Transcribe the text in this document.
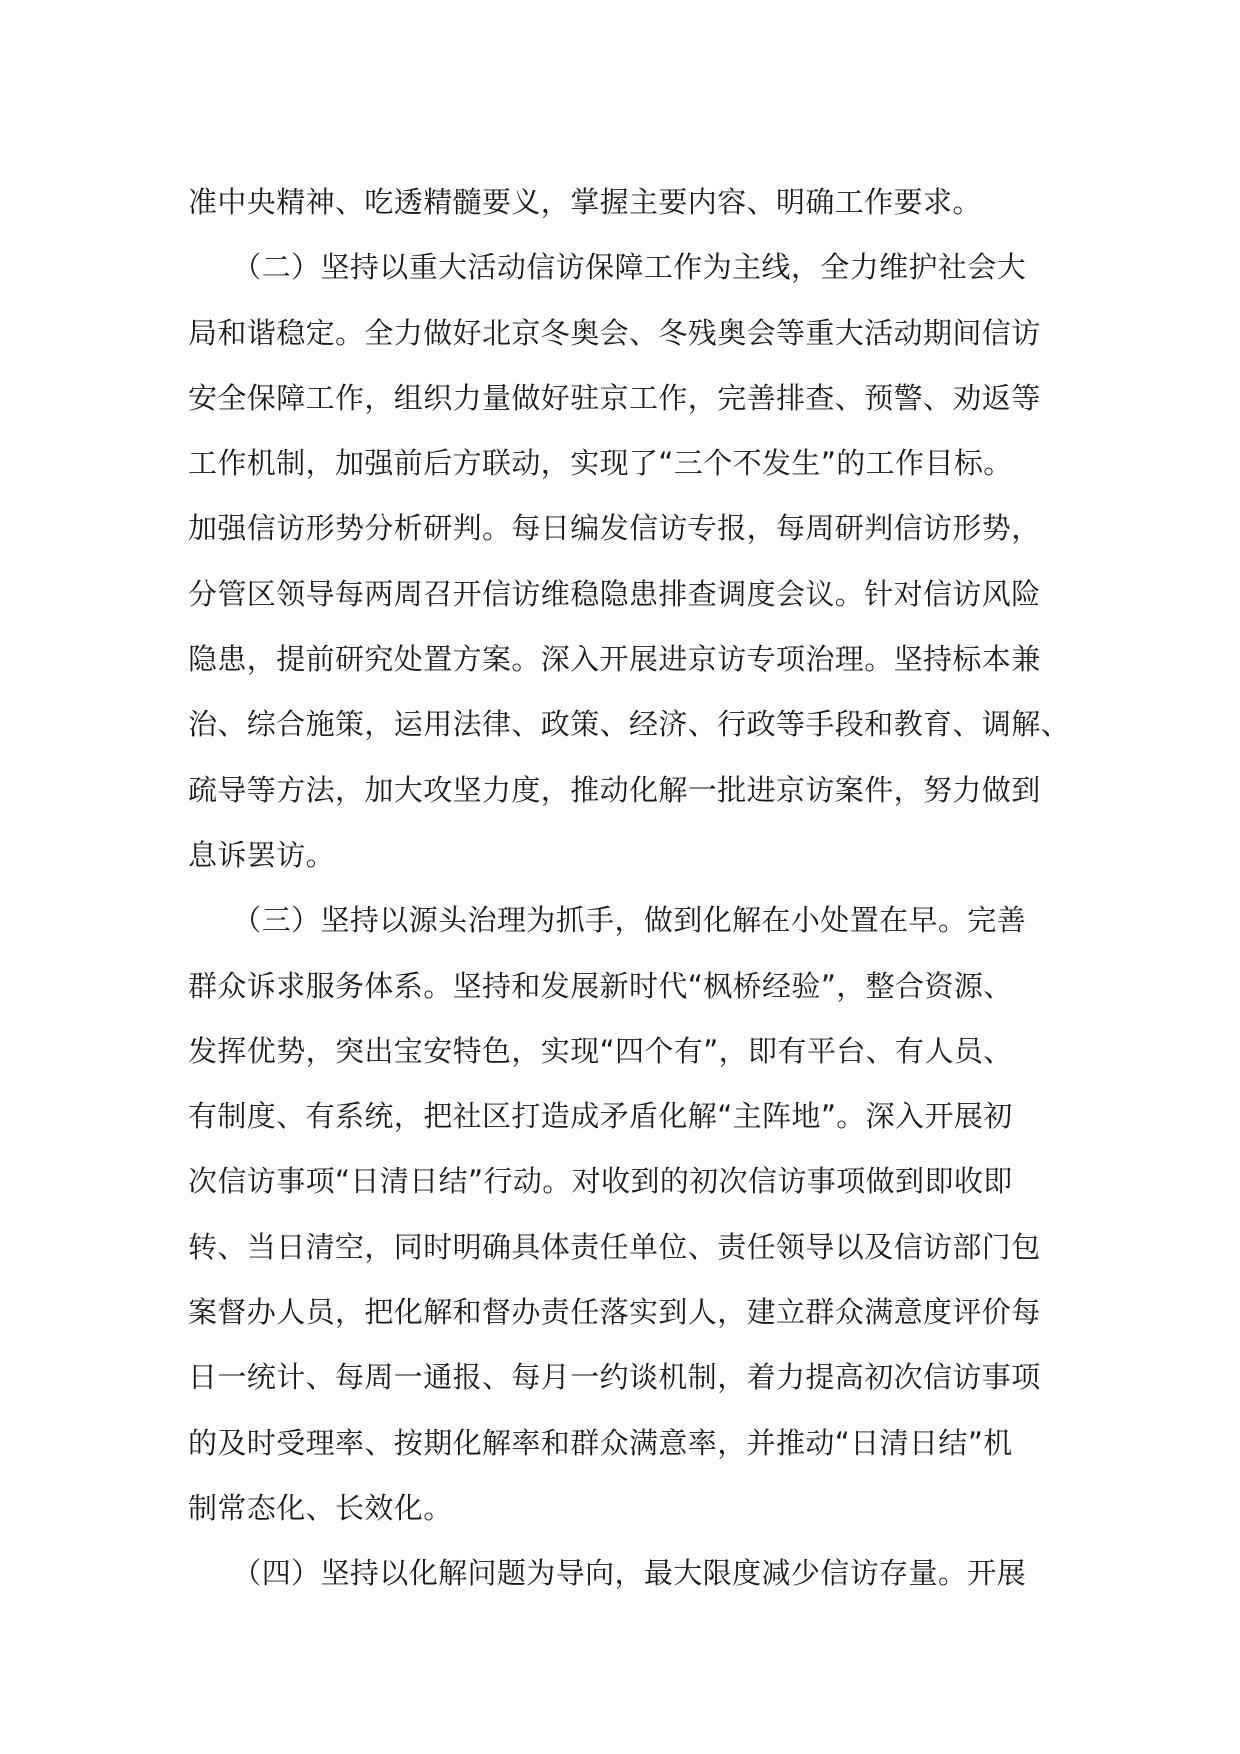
准中央精神、吃透精髓要义，掌握主要内容、明确工作要求。

　　（二）坚持以重大活动信访保障工作为主线，全力维护社会大

局和谐稳定。全力做好北京冬奥会、冬残奥会等重大活动期间信访

安全保障工作，组织力量做好驻京工作，完善排查、预警、劝返等

工作机制，加强前后方联动，实现了“三个不发生”的工作目标。

加强信访形势分析研判。每日编发信访专报，每周研判信访形势，

分管区领导每两周召开信访维稳隐患排查调度会议。针对信访风险

隐患，提前研究处置方案。深入开展进京访专项治理。坚持标本兼

治、综合施策，运用法律、政策、经济、行政等手段和教育、调解、

疏导等方法，加大攻坚力度，推动化解一批进京访案件，努力做到

息诉罢访。

　　（三）坚持以源头治理为抓手，做到化解在小处置在早。完善

群众诉求服务体系。坚持和发展新时代“枫桥经验”，整合资源、

发挥优势，突出宝安特色，实现“四个有”，即有平台、有人员、

有制度、有系统，把社区打造成矛盾化解“主阵地”。深入开展初

次信访事项“日清日结”行动。对收到的初次信访事项做到即收即

转、当日清空，同时明确具体责任单位、责任领导以及信访部门包

案督办人员，把化解和督办责任落实到人，建立群众满意度评价每

日一统计、每周一通报、每月一约谈机制，着力提高初次信访事项

的及时受理率、按期化解率和群众满意率，并推动“日清日结”机

制常态化、长效化。

　　（四）坚持以化解问题为导向，最大限度减少信访存量。开展
